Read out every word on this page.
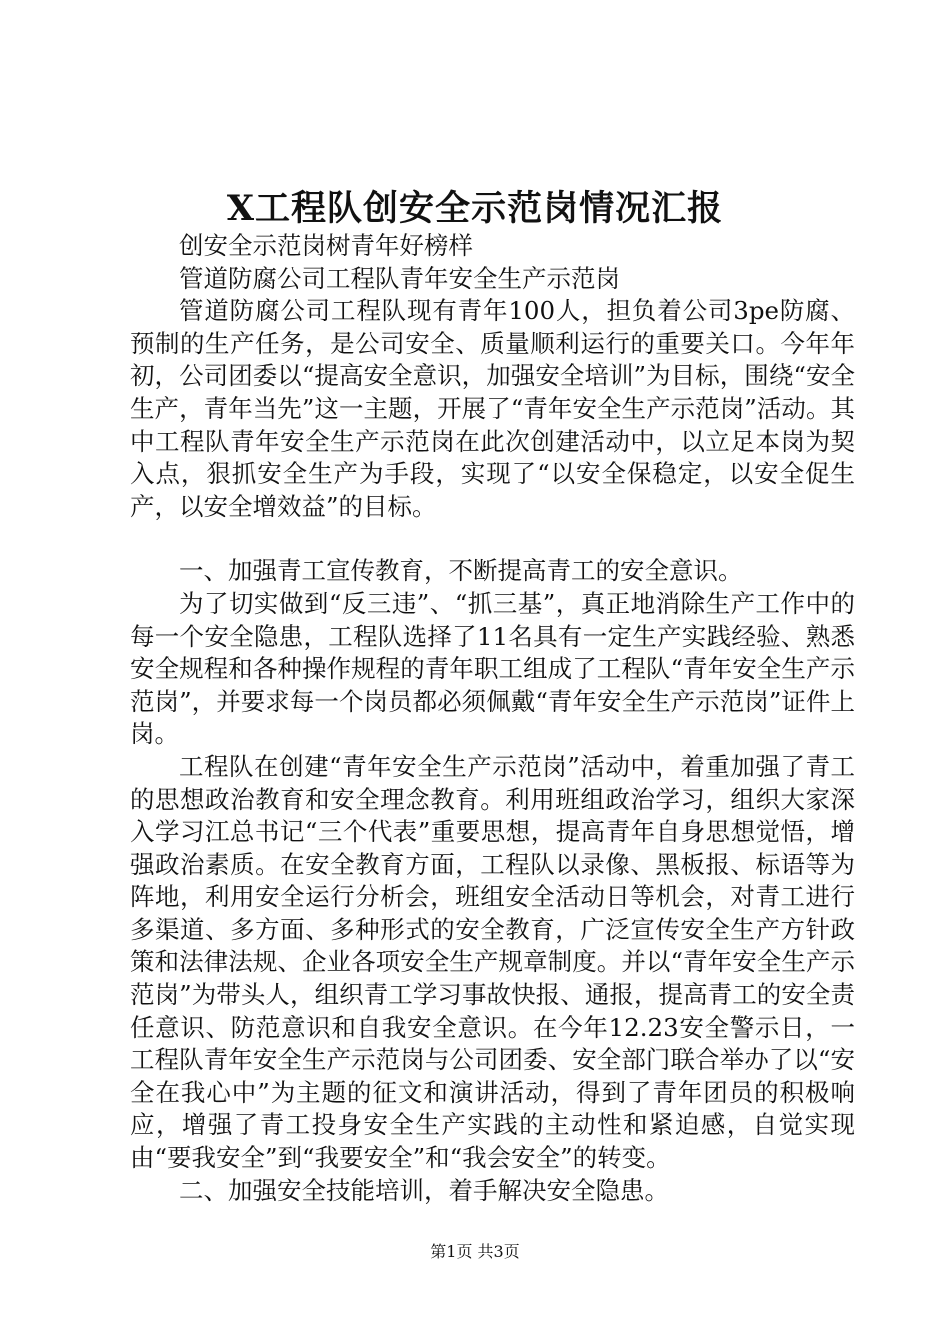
X工程队创安全示范岗情况汇报

创安全示范岗树青年好榜样

管道防腐公司工程队青年安全生产示范岗

管道防腐公司工程队现有青年100人，担负着公司3pe防腐、预制的生产任务，是公司安全、质量顺利运行的重要关口。今年年初，公司团委以“提高安全意识，加强安全培训”为目标，围绕“安全生产，青年当先”这一主题，开展了“青年安全生产示范岗”活动。其中工程队青年安全生产示范岗在此次创建活动中，以立足本岗为契入点，狠抓安全生产为手段，实现了“以安全保稳定，以安全促生产，以安全增效益”的目标。

一、加强青工宣传教育，不断提高青工的安全意识。

为了切实做到“反三违”、“抓三基”，真正地消除生产工作中的每一个安全隐患，工程队选择了11名具有一定生产实践经验、熟悉安全规程和各种操作规程的青年职工组成了工程队“青年安全生产示范岗”，并要求每一个岗员都必须佩戴“青年安全生产示范岗”证件上岗。

工程队在创建“青年安全生产示范岗”活动中，着重加强了青工的思想政治教育和安全理念教育。利用班组政治学习，组织大家深入学习江总书记“三个代表”重要思想，提高青年自身思想觉悟，增强政治素质。在安全教育方面，工程队以录像、黑板报、标语等为阵地，利用安全运行分析会，班组安全活动日等机会，对青工进行多渠道、多方面、多种形式的安全教育，广泛宣传安全生产方针政策和法律法规、企业各项安全生产规章制度。并以“青年安全生产示范岗”为带头人，组织青工学习事故快报、通报，提高青工的安全责任意识、防范意识和自我安全意识。在今年12.23安全警示日，一工程队青年安全生产示范岗与公司团委、安全部门联合举办了以“安全在我心中”为主题的征文和演讲活动，得到了青年团员的积极响应，增强了青工投身安全生产实践的主动性和紧迫感，自觉实现由“要我安全”到“我要安全”和“我会安全”的转变。

二、加强安全技能培训，着手解决安全隐患。

第1页 共3页
